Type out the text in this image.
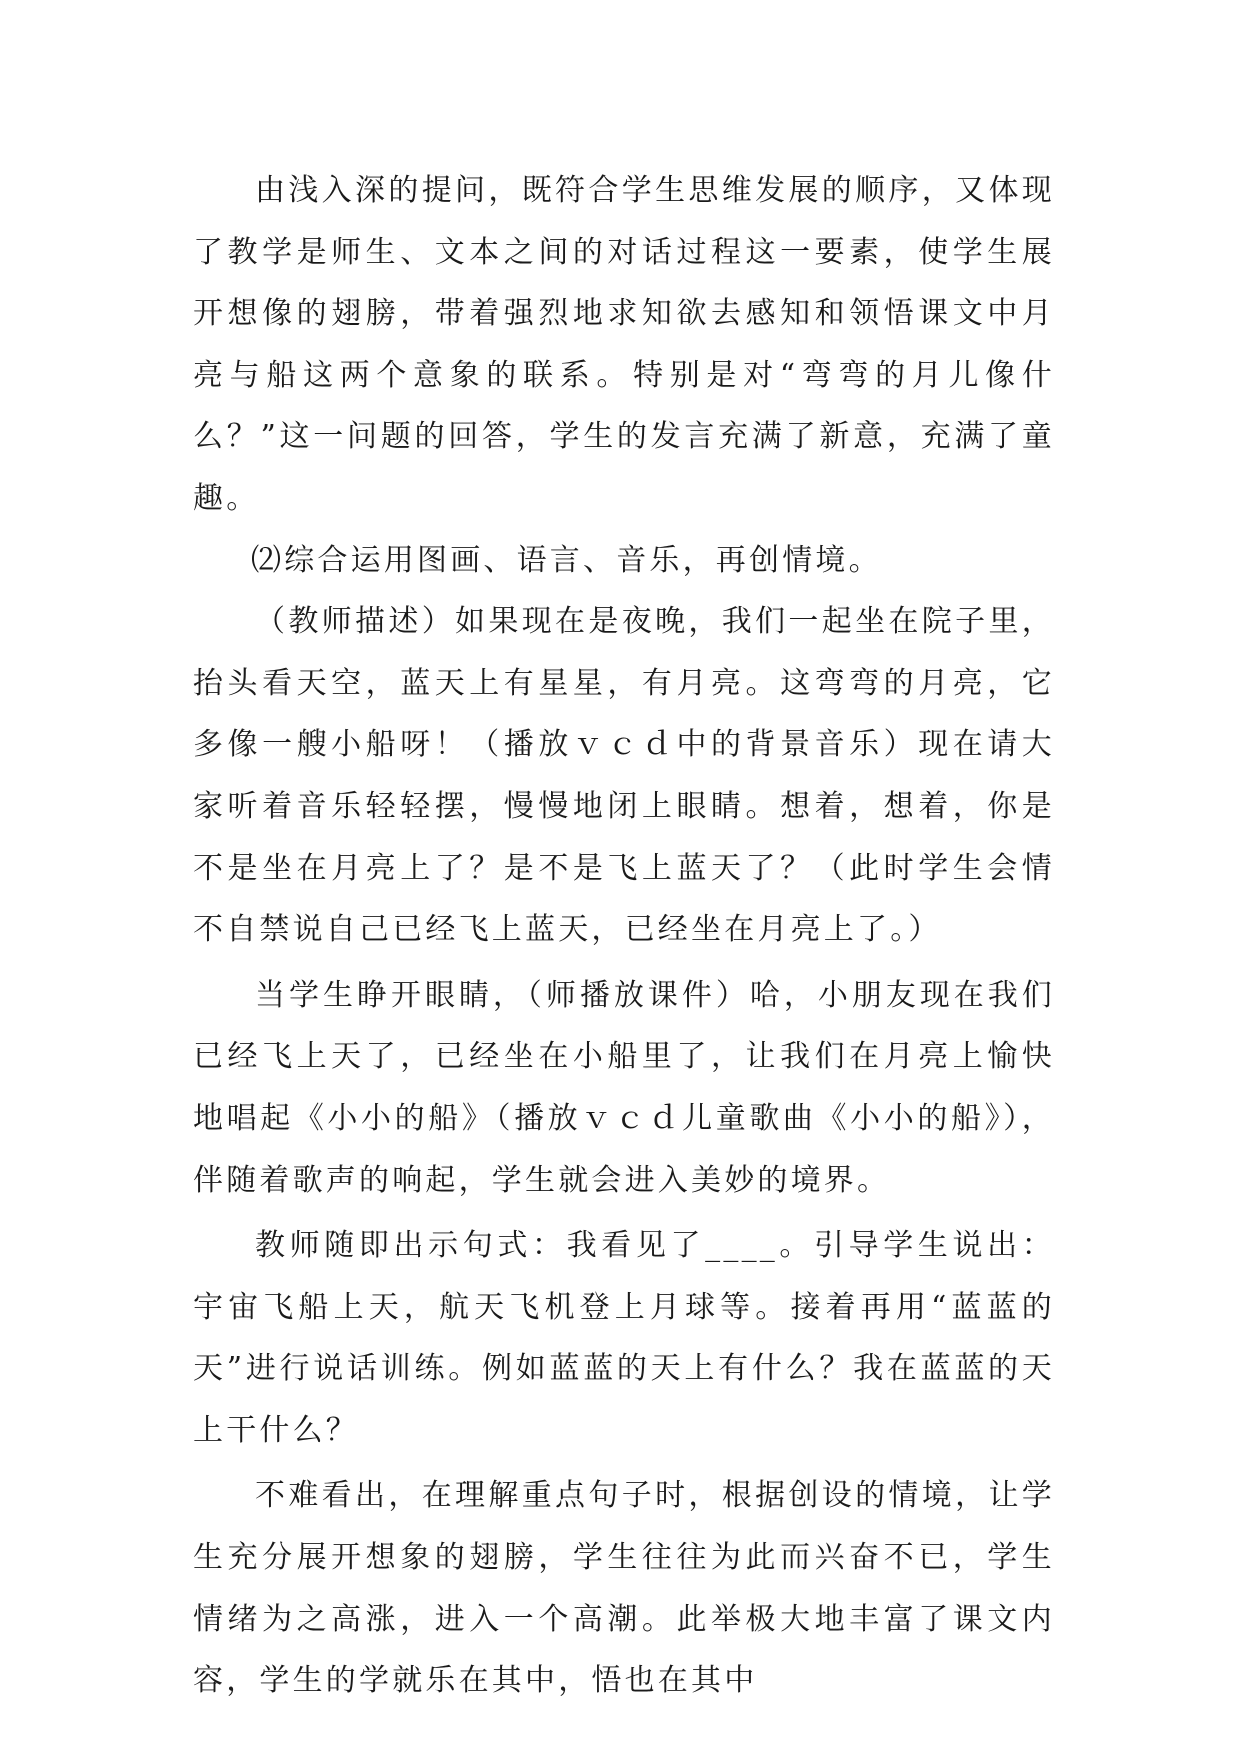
由浅入深的提问，既符合学生思维发展的顺序，又体现了教学是师生、文本之间的对话过程这一要素，使学生展开想像的翅膀，带着强烈地求知欲去感知和领悟课文中月亮与船这两个意象的联系。特别是对“弯弯的月儿像什么？”这一问题的回答，学生的发言充满了新意，充满了童趣。

⑵综合运用图画、语言、音乐，再创情境。

（教师描述）如果现在是夜晚，我们一起坐在院子里，抬头看天空，蓝天上有星星，有月亮。这弯弯的月亮，它多像一艘小船呀！（播放ｖｃｄ中的背景音乐）现在请大家听着音乐轻轻摆，慢慢地闭上眼睛。想着，想着，你是不是坐在月亮上了？是不是飞上蓝天了？（此时学生会情不自禁说自己已经飞上蓝天，已经坐在月亮上了。）

当学生睁开眼睛，（师播放课件）哈，小朋友现在我们已经飞上天了，已经坐在小船里了，让我们在月亮上愉快地唱起《小小的船》（播放ｖｃｄ儿童歌曲《小小的船》），伴随着歌声的响起，学生就会进入美妙的境界。

教师随即出示句式：我看见了____。引导学生说出：宇宙飞船上天，航天飞机登上月球等。接着再用“蓝蓝的天”进行说话训练。例如蓝蓝的天上有什么？我在蓝蓝的天上干什么？

不难看出，在理解重点句子时，根据创设的情境，让学生充分展开想象的翅膀，学生往往为此而兴奋不已，学生情绪为之高涨，进入一个高潮。此举极大地丰富了课文内容，学生的学就乐在其中，悟也在其中
